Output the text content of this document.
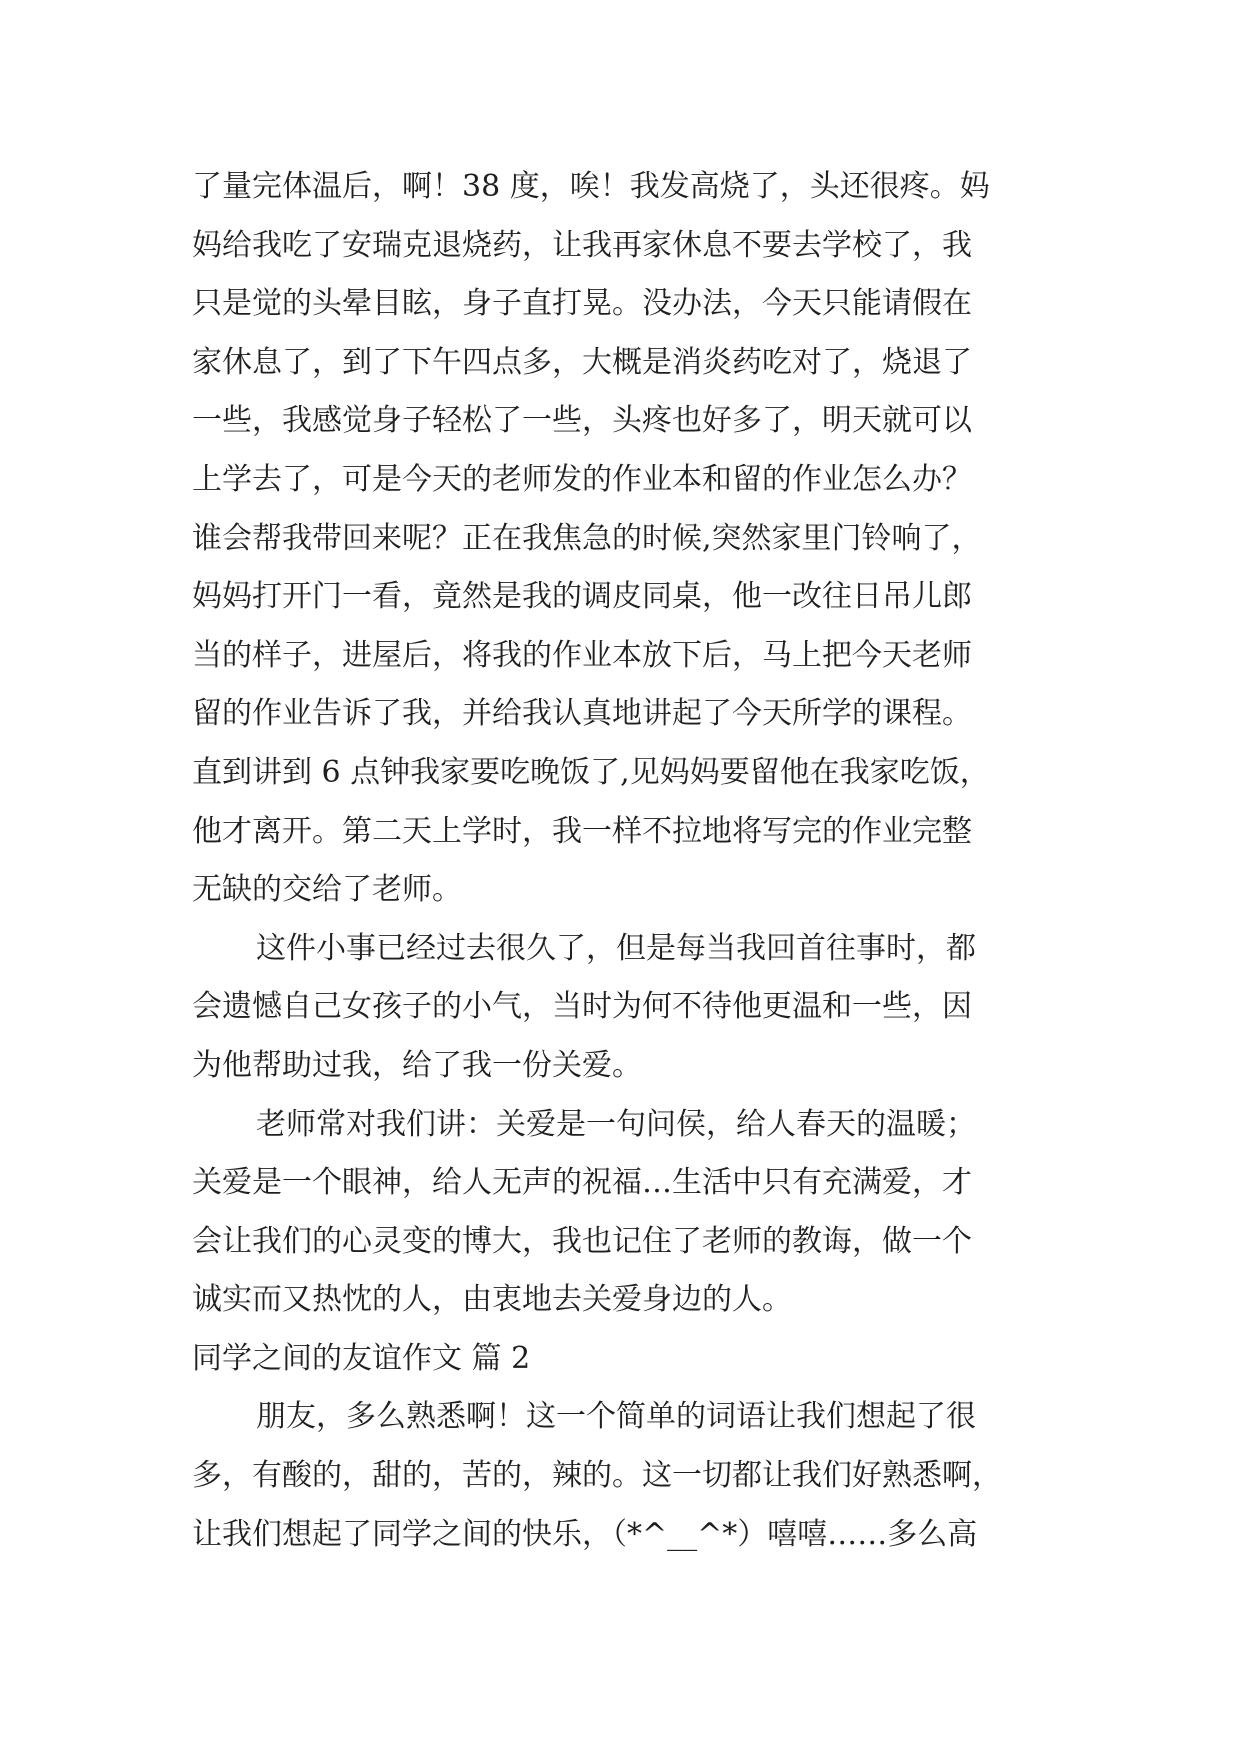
了量完体温后，啊！38 度，唉！我发高烧了，头还很疼。妈
妈给我吃了安瑞克退烧药，让我再家休息不要去学校了，我
只是觉的头晕目眩，身子直打晃。没办法，今天只能请假在
家休息了，到了下午四点多，大概是消炎药吃对了，烧退了
一些，我感觉身子轻松了一些，头疼也好多了，明天就可以
上学去了，可是今天的老师发的作业本和留的作业怎么办？
谁会帮我带回来呢？正在我焦急的时候,突然家里门铃响了，
妈妈打开门一看，竟然是我的调皮同桌，他一改往日吊儿郎
当的样子，进屋后，将我的作业本放下后，马上把今天老师
留的作业告诉了我，并给我认真地讲起了今天所学的课程。
直到讲到 6 点钟我家要吃晚饭了,见妈妈要留他在我家吃饭，
他才离开。第二天上学时，我一样不拉地将写完的作业完整
无缺的交给了老师。
这件小事已经过去很久了，但是每当我回首往事时，都
会遗憾自己女孩子的小气，当时为何不待他更温和一些，因
为他帮助过我，给了我一份关爱。
老师常对我们讲：关爱是一句问侯，给人春天的温暖；
关爱是一个眼神，给人无声的祝福…生活中只有充满爱，才
会让我们的心灵变的博大，我也记住了老师的教诲，做一个
诚实而又热忱的人，由衷地去关爱身边的人。
同学之间的友谊作文 篇 2
朋友，多么熟悉啊！这一个简单的词语让我们想起了很
多，有酸的，甜的，苦的，辣的。这一切都让我们好熟悉啊，
让我们想起了同学之间的快乐，（*^__^*）嘻嘻……多么高
